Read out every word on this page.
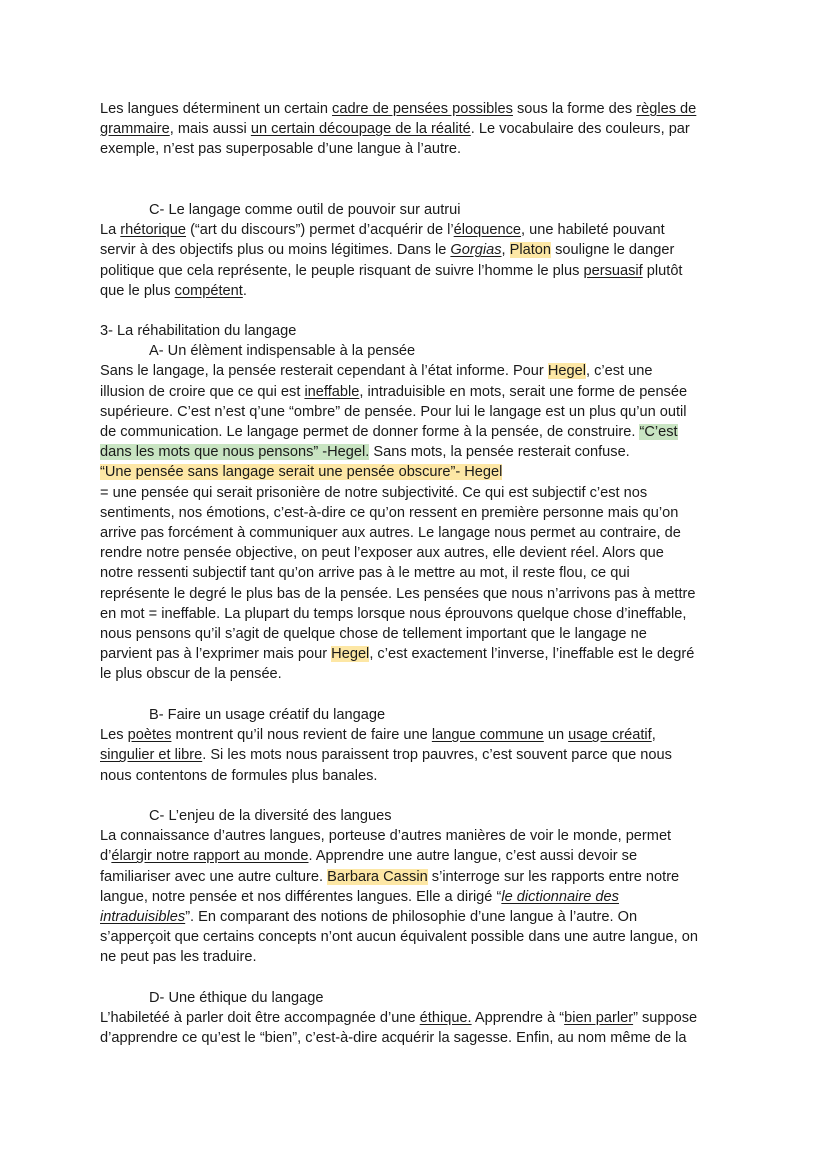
Les langues déterminent un certain cadre de pensées possibles sous la forme des règles de
grammaire, mais aussi un certain découpage de la réalité. Le vocabulaire des couleurs, par
exemple, n’est pas superposable d’une langue à l’autre.
C- Le langage comme outil de pouvoir sur autrui
La rhétorique (“art du discours”) permet d’acquérir de l’éloquence, une habileté pouvant
servir à des objectifs plus ou moins légitimes. Dans le Gorgias, Platon souligne le danger
politique que cela représente, le peuple risquant de suivre l’homme le plus persuasif plutôt
que le plus compétent.
3- La réhabilitation du langage
A- Un élèment indispensable à la pensée
Sans le langage, la pensée resterait cependant à l’état informe. Pour Hegel, c’est une
illusion de croire que ce qui est ineffable, intraduisible en mots, serait une forme de pensée
supérieure. C’est n’est q’une “ombre” de pensée. Pour lui le langage est un plus qu’un outil
de communication. Le langage permet de donner forme à la pensée, de construire. “C’est
dans les mots que nous pensons” -Hegel. Sans mots, la pensée resterait confuse.
“Une pensée sans langage serait une pensée obscure”- Hegel
= une pensée qui serait prisonière de notre subjectivité. Ce qui est subjectif c’est nos
sentiments, nos émotions, c’est-à-dire ce qu’on ressent en première personne mais qu’on
arrive pas forcément à communiquer aux autres. Le langage nous permet au contraire, de
rendre notre pensée objective, on peut l’exposer aux autres, elle devient réel. Alors que
notre ressenti subjectif tant qu’on arrive pas à le mettre au mot, il reste flou, ce qui
représente le degré le plus bas de la pensée. Les pensées que nous n’arrivons pas à mettre
en mot = ineffable. La plupart du temps lorsque nous éprouvons quelque chose d’ineffable,
nous pensons qu’il s’agit de quelque chose de tellement important que le langage ne
parvient pas à l’exprimer mais pour Hegel, c’est exactement l’inverse, l’ineffable est le degré
le plus obscur de la pensée.
B- Faire un usage créatif du langage
Les poètes montrent qu’il nous revient de faire une langue commune un usage créatif,
singulier et libre. Si les mots nous paraissent trop pauvres, c’est souvent parce que nous
nous contentons de formules plus banales.
C- L’enjeu de la diversité des langues
La connaissance d’autres langues, porteuse d’autres manières de voir le monde, permet
d’élargir notre rapport au monde. Apprendre une autre langue, c’est aussi devoir se
familiariser avec une autre culture. Barbara Cassin s’interroge sur les rapports entre notre
langue, notre pensée et nos différentes langues. Elle a dirigé “le dictionnaire des
intraduisibles”. En comparant des notions de philosophie d’une langue à l’autre. On
s’apperçoit que certains concepts n’ont aucun équivalent possible dans une autre langue, on
ne peut pas les traduire.
D- Une éthique du langage
L’habiletéé à parler doit être accompagnée d’une éthique. Apprendre à “bien parler” suppose
d’apprendre ce qu’est le “bien”, c’est-à-dire acquérir la sagesse. Enfin, au nom même de la
